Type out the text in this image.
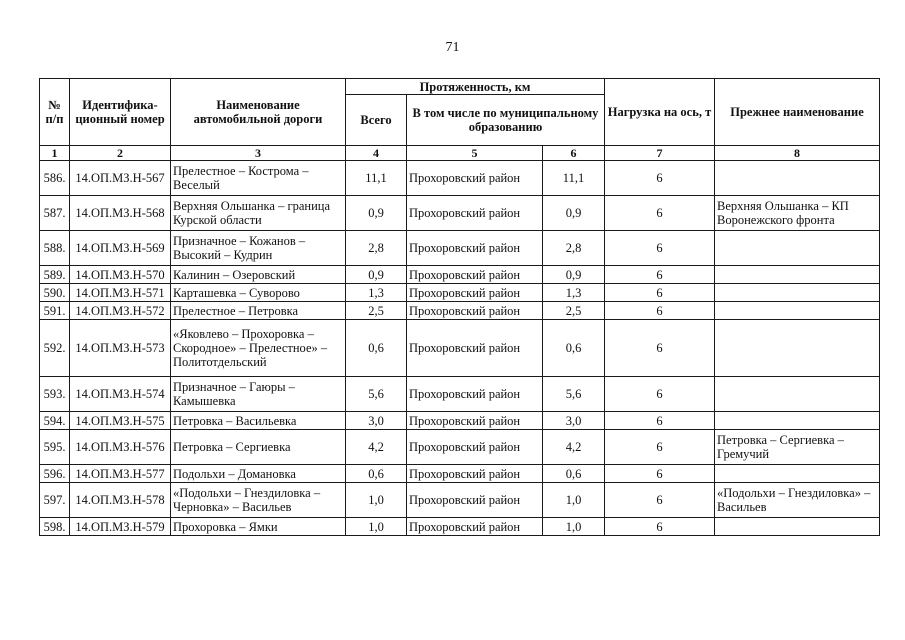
71
№ п/п	Идентифика- ционный номер	Наименование автомобильной дороги	Протяженность, км			Нагрузка на ось, т	Прежнее наименование
			Всего	В том числе по муниципальному образованию			

1	2	3	4	5	6	7	8
586.	14.ОП.МЗ.Н-567	Прелестное – Кострома – Веселый	11,1	Прохоровский район	11,1	6	
587.	14.ОП.МЗ.Н-568	Верхняя Ольшанка – граница Курской области	0,9	Прохоровский район	0,9	6	Верхняя Ольшанка – КП Воронежского фронта
588.	14.ОП.МЗ.Н-569	Призначное – Кожанов – Высокий – Кудрин	2,8	Прохоровский район	2,8	6	
589.	14.ОП.МЗ.Н-570	Калинин – Озеровский	0,9	Прохоровский район	0,9	6	
590.	14.ОП.МЗ.Н-571	Карташевка – Суворово	1,3	Прохоровский район	1,3	6	
591.	14.ОП.МЗ.Н-572	Прелестное – Петровка	2,5	Прохоровский район	2,5	6	
592.	14.ОП.МЗ.Н-573	«Яковлево – Прохоровка – Скородное» – Прелестное» – Политотдельский	0,6	Прохоровский район	0,6	6	
593.	14.ОП.МЗ.Н-574	Призначное – Гаюры – Камышевка	5,6	Прохоровский район	5,6	6	
594.	14.ОП.МЗ.Н-575	Петровка – Васильевка	3,0	Прохоровский район	3,0	6	
595.	14.ОП.МЗ.Н-576	Петровка – Сергиевка	4,2	Прохоровский район	4,2	6	Петровка – Сергиевка – Гремучий
596.	14.ОП.МЗ.Н-577	Подольхи – Домановка	0,6	Прохоровский район	0,6	6	
597.	14.ОП.МЗ.Н-578	«Подольхи – Гнездиловка – Черновка» – Васильев	1,0	Прохоровский район	1,0	6	«Подольхи – Гнездиловка» – Васильев
598.	14.ОП.МЗ.Н-579	Прохоровка – Ямки	1,0	Прохоровский район	1,0	6	
